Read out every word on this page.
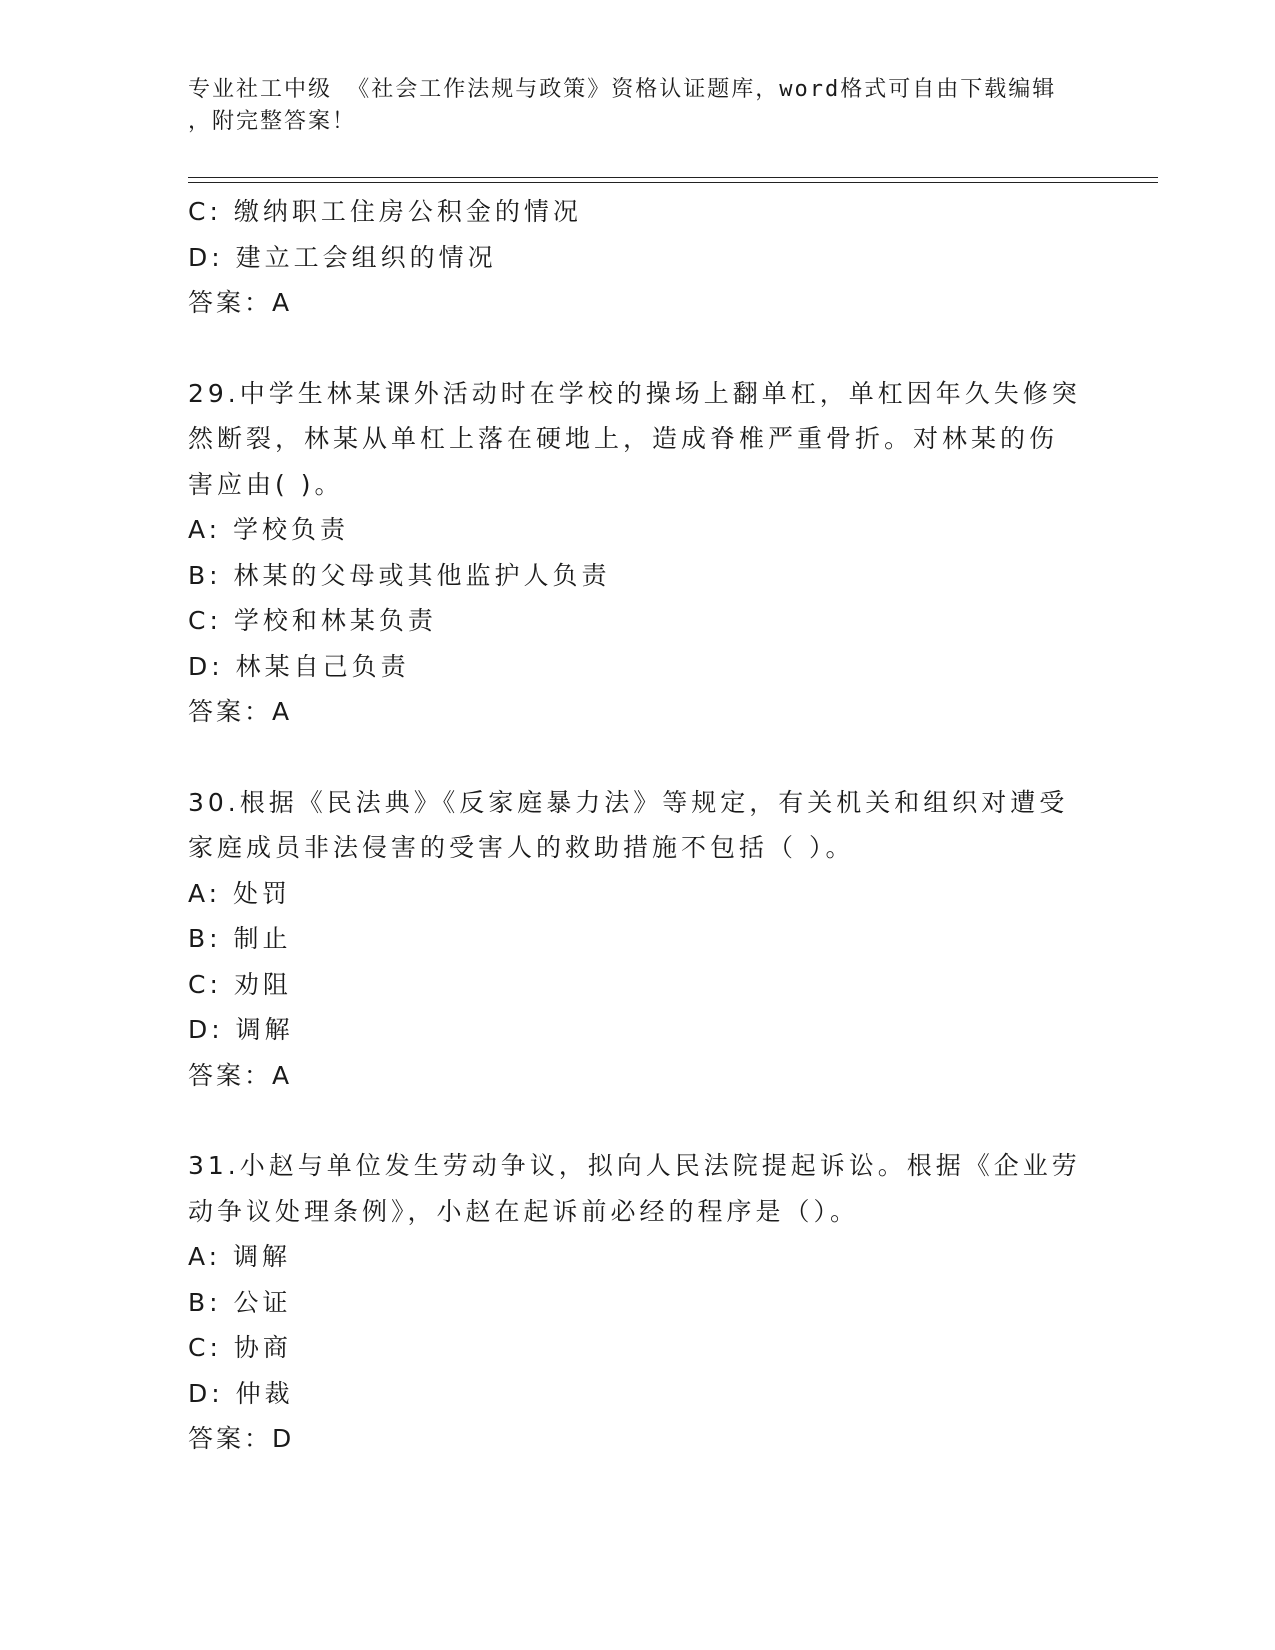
专业社工中级 《社会工作法规与政策》资格认证题库，word格式可自由下载编辑
，附完整答案！
C: 缴纳职工住房公积金的情况
D: 建立工会组织的情况
答案：A
29.中学生林某课外活动时在学校的操场上翻单杠，单杠因年久失修突
然断裂，林某从单杠上落在硬地上，造成脊椎严重骨折。对林某的伤
害应由( )。
A: 学校负责
B: 林某的父母或其他监护人负责
C: 学校和林某负责
D: 林某自己负责
答案：A
30.根据《民法典》《反家庭暴力法》等规定，有关机关和组织对遭受
家庭成员非法侵害的受害人的救助措施不包括（ ）。
A: 处罚
B: 制止
C: 劝阻
D: 调解
答案：A
31.小赵与单位发生劳动争议，拟向人民法院提起诉讼。根据《企业劳
动争议处理条例》，小赵在起诉前必经的程序是（）。
A: 调解
B: 公证
C: 协商
D: 仲裁
答案：D
